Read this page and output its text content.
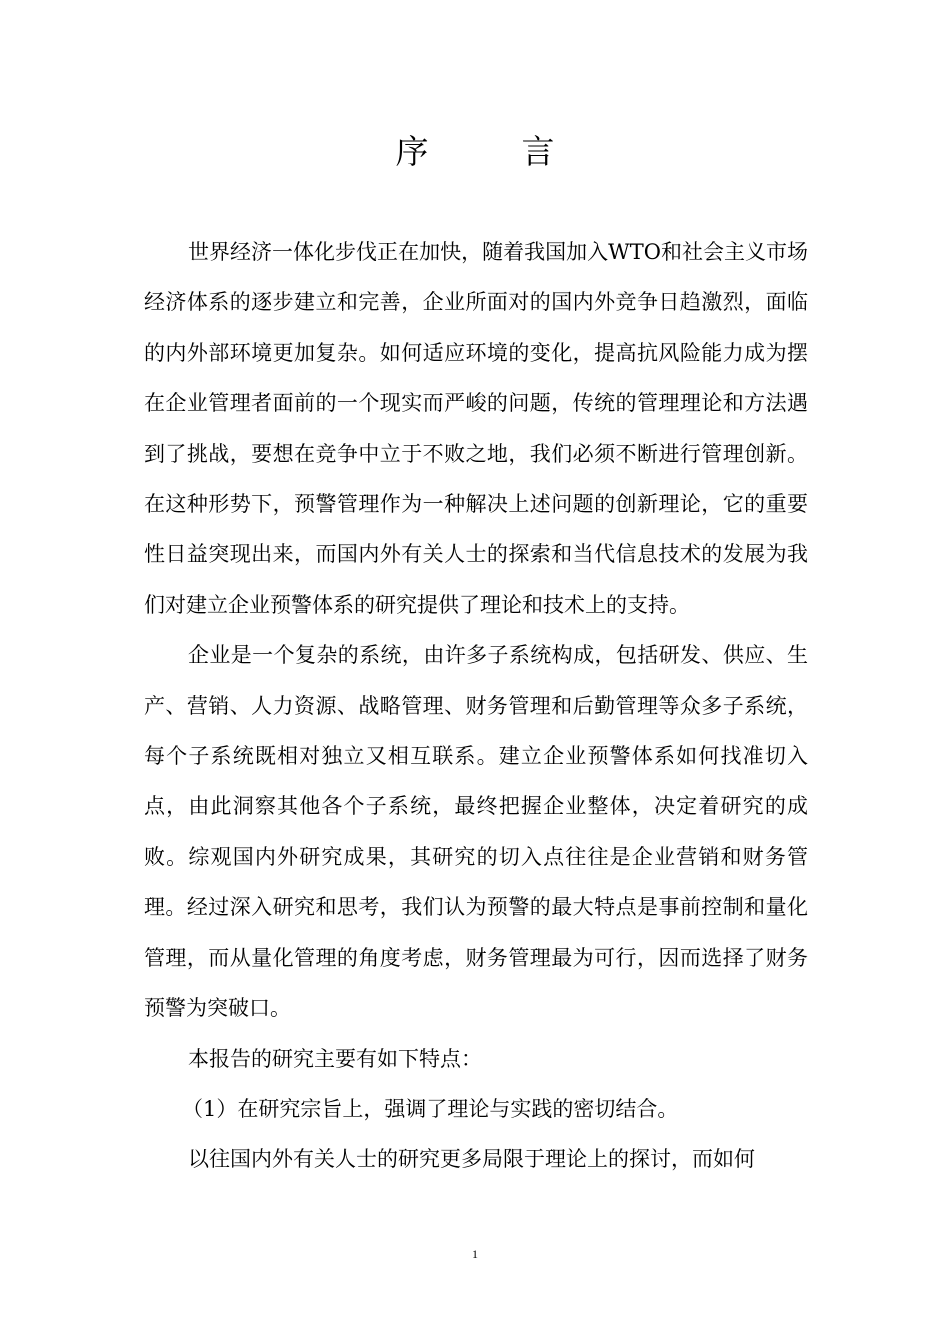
序　言

世界经济一体化步伐正在加快，随着我国加入WTO和社会主义市场经济体系的逐步建立和完善，企业所面对的国内外竞争日趋激烈，面临的内外部环境更加复杂。如何适应环境的变化，提高抗风险能力成为摆在企业管理者面前的一个现实而严峻的问题，传统的管理理论和方法遇到了挑战，要想在竞争中立于不败之地，我们必须不断进行管理创新。在这种形势下，预警管理作为一种解决上述问题的创新理论，它的重要性日益突现出来，而国内外有关人士的探索和当代信息技术的发展为我们对建立企业预警体系的研究提供了理论和技术上的支持。

企业是一个复杂的系统，由许多子系统构成，包括研发、供应、生产、营销、人力资源、战略管理、财务管理和后勤管理等众多子系统，每个子系统既相对独立又相互联系。建立企业预警体系如何找准切入点，由此洞察其他各个子系统，最终把握企业整体，决定着研究的成败。综观国内外研究成果，其研究的切入点往往是企业营销和财务管理。经过深入研究和思考，我们认为预警的最大特点是事前控制和量化管理，而从量化管理的角度考虑，财务管理最为可行，因而选择了财务预警为突破口。

本报告的研究主要有如下特点：

（1）在研究宗旨上，强调了理论与实践的密切结合。

以往国内外有关人士的研究更多局限于理论上的探讨，而如何

1
